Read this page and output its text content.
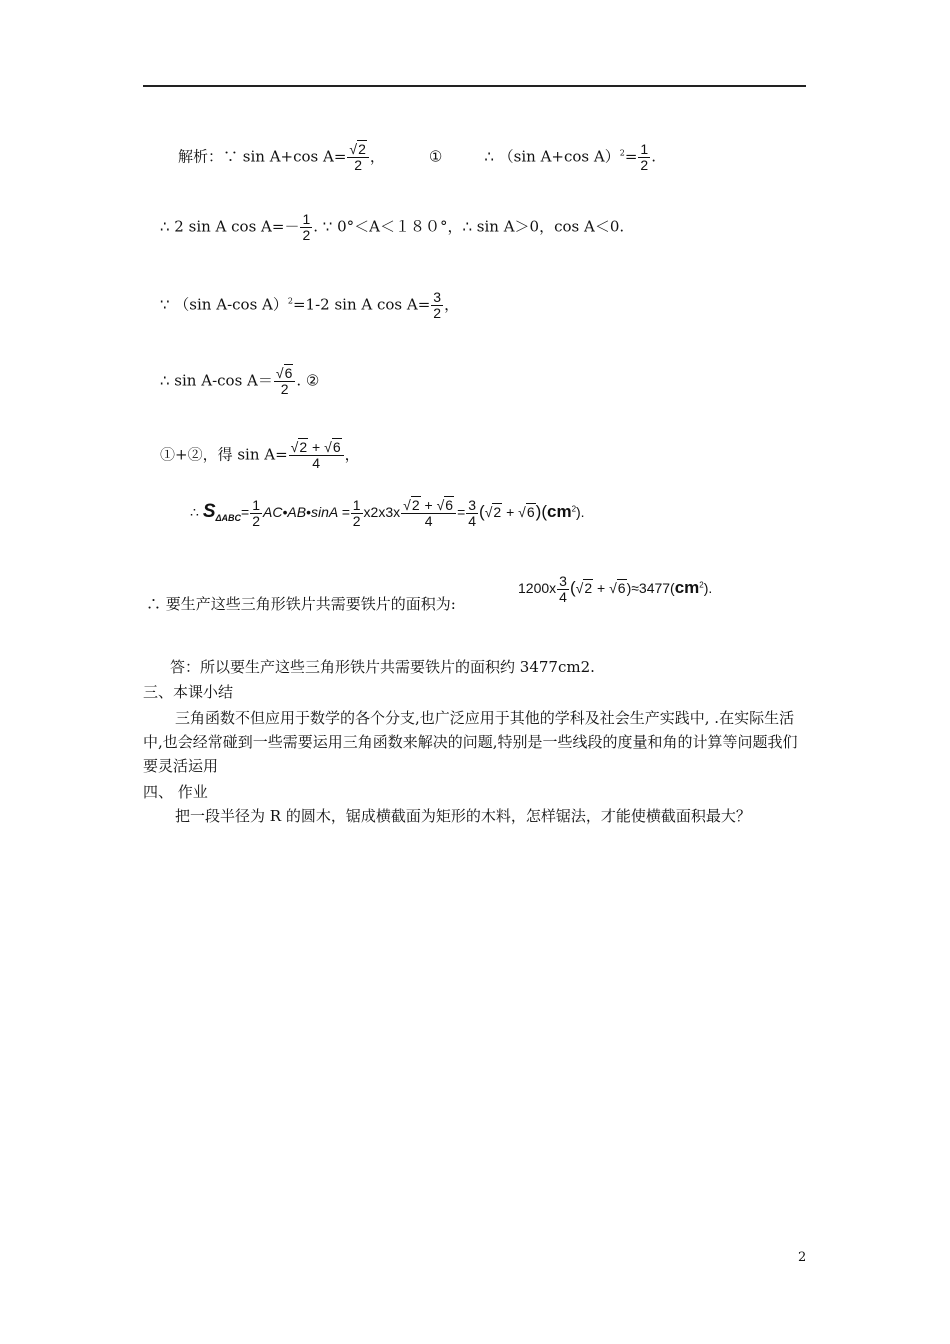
解析：∵ sin A+cos $A= \frac{√2}{2}$ ，	①	∴ （sin A+cos $A)^2= \frac{1}{2}$ .
∴ 2 sin A $\cos A=- \frac{1}{2}$ . ∵ 0°＜A＜１８０°，∴ sin A＞0，cos A＜0.
∵ （sin A-cos A）$^2$=1-2 sin A $\cos A= \frac{3}{2}$ ，
∴ sin A-cos $A= \frac{√6}{2}$ . ②
①+②，得 $\sin A= \frac{√2 + √6}{4}$ ，
∴ $S_{\Delta ABC}= \frac{1}{2}$ AC•AB•sinA = $\frac{1}{2} x2x3x \frac{√2 + √6}{4} = \frac{3}{4} (√2 + √6)(cm^2)$.
∴ 要生产这些三角形铁片共需要铁片的面积为:
$1200x \frac{3}{4} (√2 + √6)\approx 3477(cm^2)$.
答：所以要生产这些三角形铁片共需要铁片的面积约 3477cm2.
三、本课小结
三角函数不但应用于数学的各个分支,也广泛应用于其他的学科及社会生产实践中, .在实际生活中,也会经常碰到一些需要运用三角函数来解决的问题,特别是一些线段的度量和角的计算等问题我们要灵活运用
四、 作业
把一段半径为 R 的圆木，锯成横截面为矩形的木料，怎样锯法，才能使横截面积最大？
2
